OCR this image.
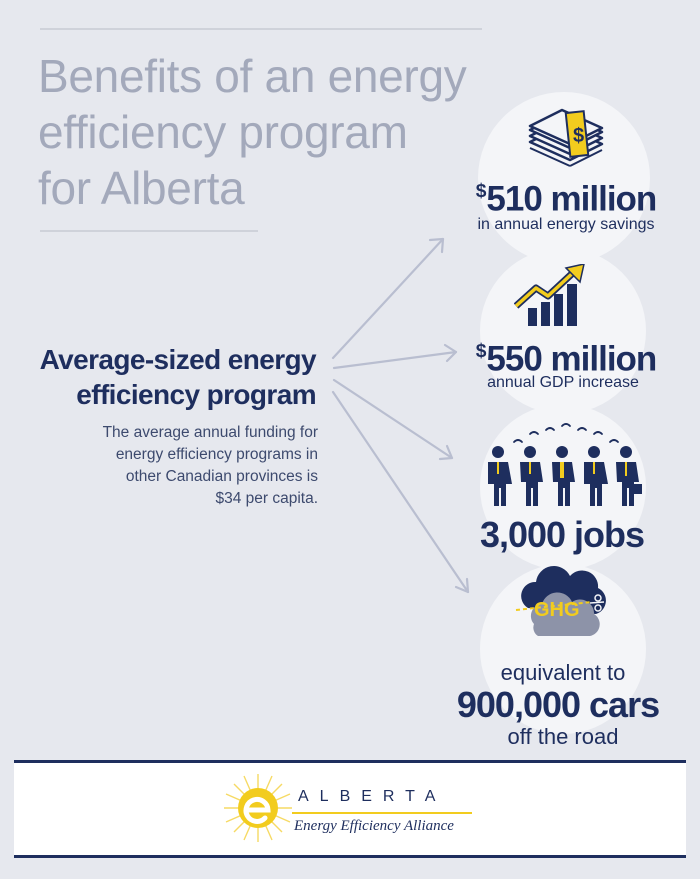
Benefits of an energy
efficiency program
for Alberta
Average-sized energy
efficiency program

The average annual funding for
energy efficiency programs in
other Canadian provinces is
$34 per capita.

$
$510 million
in annual energy savings
$550 million
annual GDP increase
3,000 jobs
GHG
equivalent to
900,000 cars
off the road
ALBERTA
Energy Efficiency Alliance
